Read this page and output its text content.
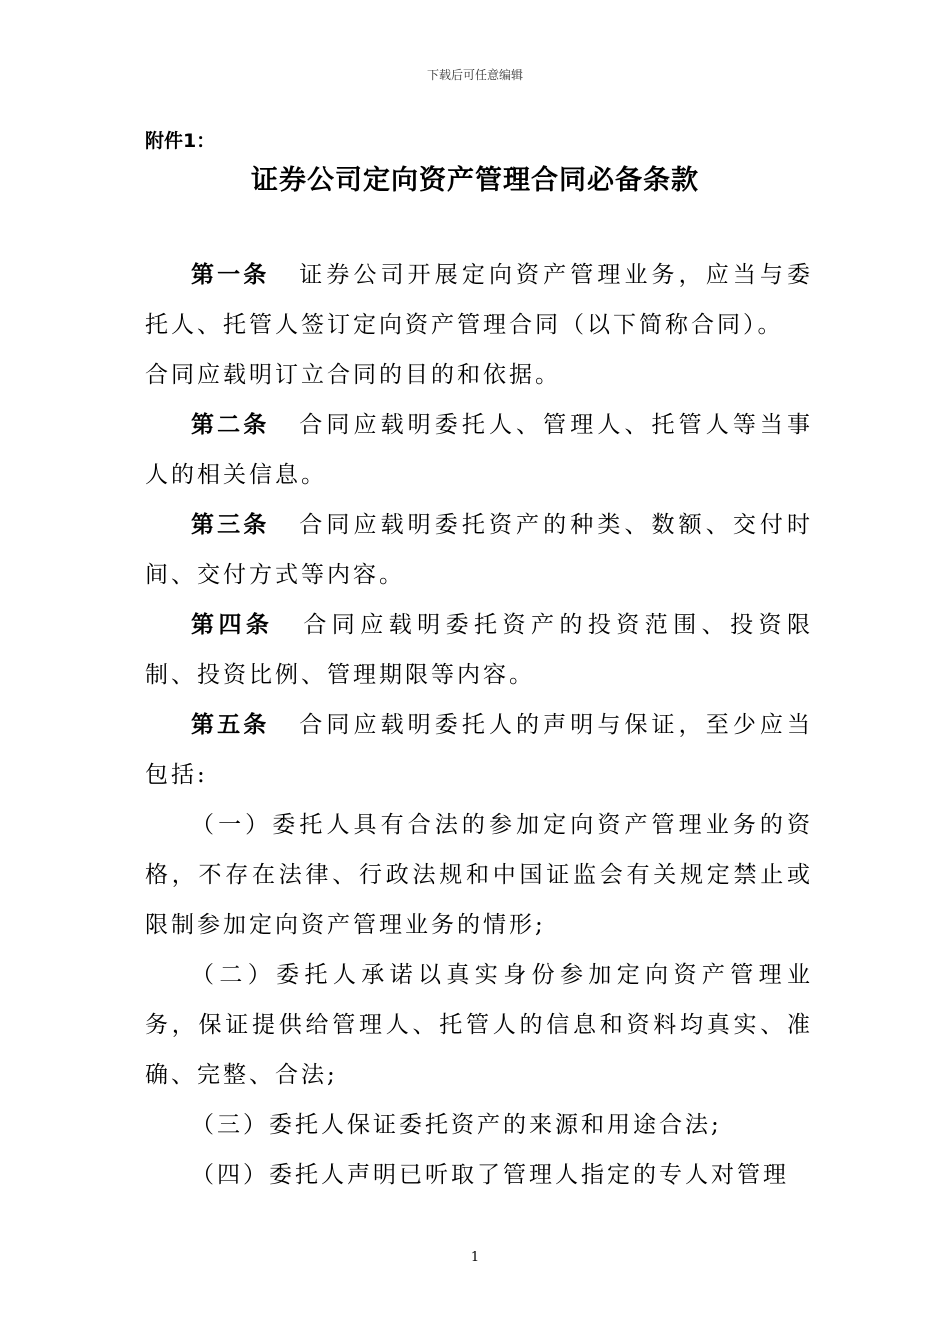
下载后可任意编辑
附件1：
证券公司定向资产管理合同必备条款

第一条 证券公司开展定向资产管理业务，应当与委托人、托管人签订定向资产管理合同（以下简称合同）。

合同应载明订立合同的目的和依据。

第二条 合同应载明委托人、管理人、托管人等当事人的相关信息。

第三条 合同应载明委托资产的种类、数额、交付时间、交付方式等内容。

第四条 合同应载明委托资产的投资范围、投资限制、投资比例、管理期限等内容。

第五条 合同应载明委托人的声明与保证，至少应当包括:

（一）委托人具有合法的参加定向资产管理业务的资格，不存在法律、行政法规和中国证监会有关规定禁止或限制参加定向资产管理业务的情形;

（二）委托人承诺以真实身份参加定向资产管理业务，保证提供给管理人、托管人的信息和资料均真实、准确、完整、合法;

（三）委托人保证委托资产的来源和用途合法;

（四）委托人声明已听取了管理人指定的专人对管理

1
